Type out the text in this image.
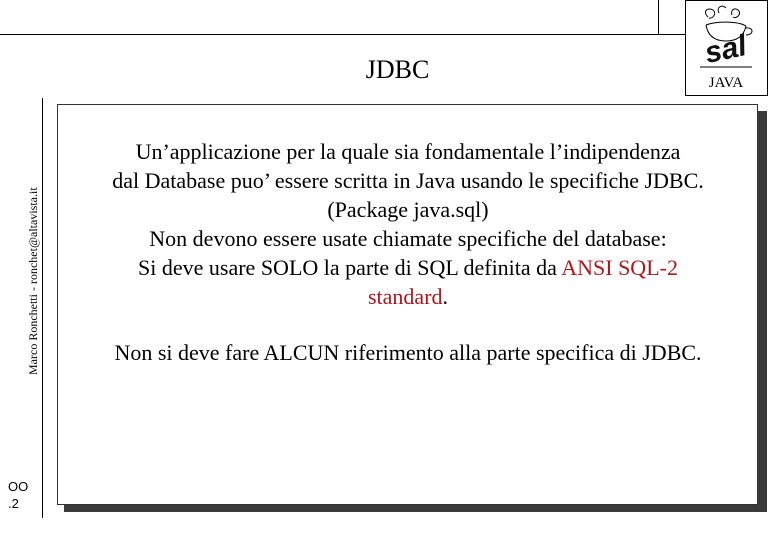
JDBC	sal
JAVA
Marco Ronchetti - ronchet@altavista.it
OO
.2
Un’applicazione per la quale sia fondamentale l’indipendenza
dal Database puo’ essere scritta in Java usando le specifiche JDBC.
(Package java.sql)
Non devono essere usate chiamate specifiche del database:
Si deve usare SOLO la parte di SQL definita da ANSI SQL-2
standard.
Non si deve fare ALCUN riferimento alla parte specifica di JDBC.
